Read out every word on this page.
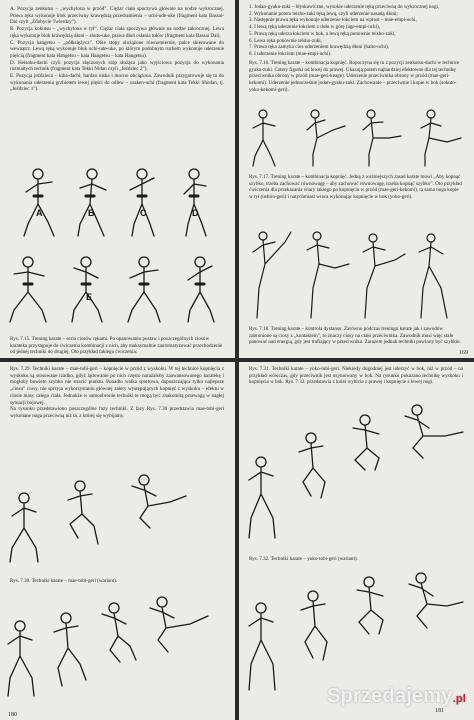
A. Pozycja zenkutsu – „wychylona w przód”. Ciężar ciała spoczywa głównie na nodze wykrocznej. Prawa ręka wykonuje blok przeciwny krawędzią przedramienia – uchi-ude-uke (fragment kata Bassai-Dai czyli „Zdobycie Twierdzy”).

B. Pozycja kokutsu – „wychylona w tył”. Ciężar ciała spoczywa głównie na nodze zakrocznej. Lewa ręka wykonuje blok krawędzią dłoni – shuto-uke, prawa dłoń osłania tułów (fragment kata Bassai Dai).

C. Pozycja hangetsu – „półksiężyca”. Obie stopy obciążone równomiernie, palce skierowane do wewnątrz. Lewą ręką wykonuje blok uchi-ude-uke, po którym podobnym ruchem wykonuje uderzenie pięścią (fragment kata Hangetsu – kata Hangetsu – kata Hangetsu).

D. Heisoku-dachi czyli pozycja złączonych stóp służąca jako wyjściowa pozycja do wykonania rozmaitych technik (fragment kata Tekki Nidan czyli „Jeździec 2”).

E. Pozycja jeździeca – kiba-dachi, bardzo niska i mocno obciążona. Zawodnik przygotowuje się tu do wykonania uderzenia grzbietem lewej pięści do odlew – uraken-uchi (fragment kata Tekki Shodan, tj. „Jeździec 1”).

A	B	C	D
E
Rys. 7.15. Trening karate – seria ciosów rękami. Po opanowaniu postaw i poszczególnych ciosów karateka przystępuje do ćwiczenia kombinacji z nich, aby maksymalnie zautomatyzować przechodzenie od jednej techniki do drugiej. Oto przykład takiego ćwiczenia:

1. Jodan-gyaku-zuki – błyskawiczne, wysokie uderzenie ręką przeciwną do wykrocznej nogi,

2. Wykonanie potem teisho-zuki ręką lewą, czyli uderzenie nasadą dłoni;

3. Następnie prawa ręka wykonuje uderzenie łokciem na wprost – mae-empi-uchi,

4. I lewą ręką uderzenie łokciem z dołu w górę (age-empi-uchi),

5. Prawą ręką uderza łokciem w bok, a lewą ręką ponownie teisho-zuki,

6. Lewa ręka ponownie teisho-zuki,

7. Prawa ręka zamyka cios uderzeniem krawędzią dłoni (haito-uchi),

8. I uderzenie łokciem (mae-empi-uchi).

Rys. 7.16. Trening karate – kombinacja kopnięć. Ropoczyna się tu z pozycji zenkutsu-dachi w technice gyaku-zuki. Cztery figurki od lewej do prawej. Ukazują potem najbardziej efektowne dla tej technikę przeciwnika obrony w przód (mae-geri-keage). Uderzenie przeciwnika obrony w przód (mae-geri-kekomi). Uderzenie jednocześnie jodan-gyaku-zuki. Zachowanie – przeciwnie i kopie w bok (sokuto-yoko-kekomi-geri).
Rys. 7.17. Trening karate – kombinacja kopnięć. Jedną z ważniejszych zasad karate mówi „Aby kopnąć szybko, trzeba zachować równowagę – aby zachować równowagę, trzeba kopnąć szybko”. Oto przykład ćwiczenia dla przekazania wiary takiego po kopnięciu w przód (mae-geri-kekomi), ta sama noga kopie w tył (ushiro-geri) i natychmiast wraca wykonując kopnięcie w bok (yoko-geri).
Rys. 7.18. Trening karate – kontrola dystansu. Zarówno podczas treningu karate jak i zawodów zabronione są ciosy z „kontaktem”, to znaczy ciosy na ciało przeciwnika. Zawodnik musi więc stale panować nad energią, gdy jest trafiający w przeciwnika. Zarazem jednak techniki powinny być szybkie.
169

Rys. 7.29. Techniki karate – mae-tobi-geri – kopnięcie w przód z wyskoku. W tej technice kopnięcia z wyskoku są stosowane rzadko, gdyż lądowanie po nich często narażałoby zaawansowanego karatekę i mogłoby bowiem szybko nie stracić punktu. Ponadto walka sportowa, dopuszczająca tylko najlepsze „ciosu” ciosy, nie sprzyja wykorzystaniu głównej zalety występujących kopnięć z wyskoku – efektu w ciosie masy całego ciała. Jednakże w samoobronie techniki te mogą być znakomitą przewagą w nagłej sytuacji bojowej.

Na rysunku przedstawiono poszczególne fazy techniki. Z fazy Rys. 7.30 przedstawia mae-tobi-geri wykonane noga przeciwną niż ta, z której się wybijamy.

Rys. 7.30. Techniki karate – mae-tobi-geri (wariant).
180

Rys. 7.31. Techniki karate – yoko-tobi-geri. Niekiedy dogodniej jest uderzyć w bok, niż w przód – na przykład wówczas, gdy przeciwnik jest usytuowany w bok. Na rysunku pokazano technikę wyskoku i kopnięcia w bok. Rys. 7.32. przedstawia z kolei wybicie z prawej i kopnięcie z lewej nogi.

Rys. 7.32. Techniki karate – yoko-tobi-geri (wariant).
181
Sprzedajemy.pl
